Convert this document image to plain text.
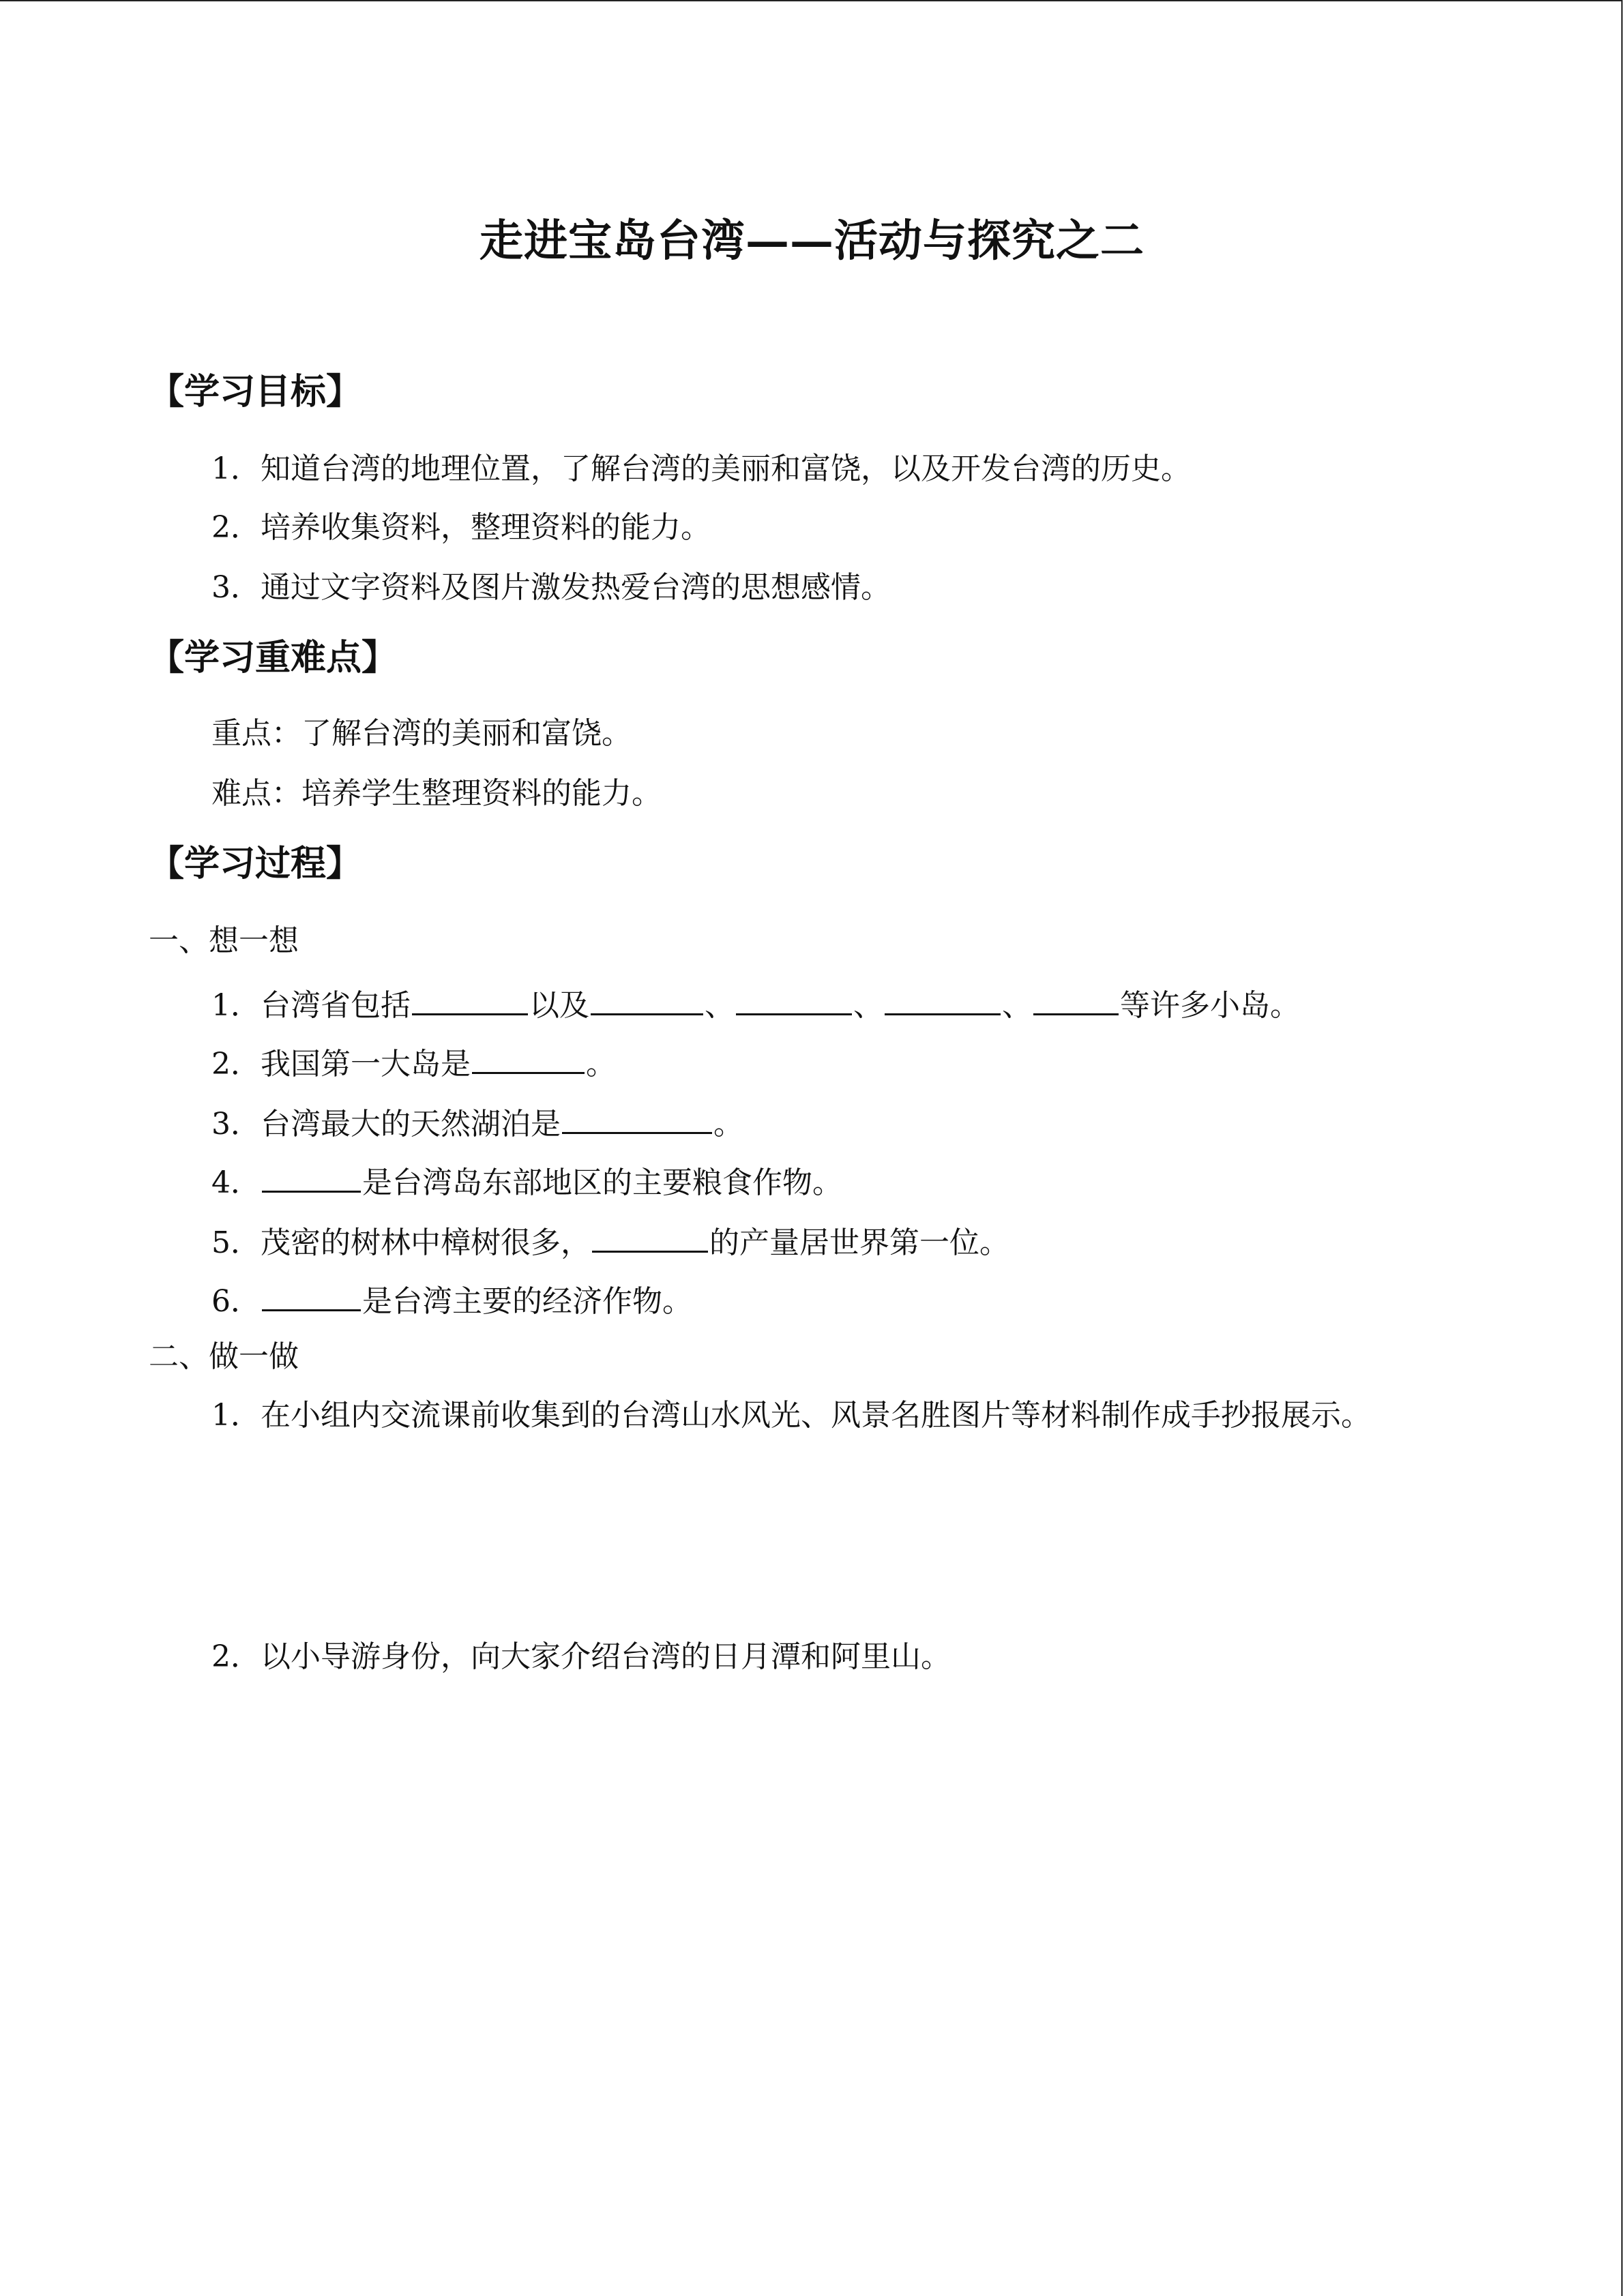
走进宝岛台湾——活动与探究之二
【学习目标】
1．知道台湾的地理位置，了解台湾的美丽和富饶，以及开发台湾的历史。
2．培养收集资料，整理资料的能力。
3．通过文字资料及图片激发热爱台湾的思想感情。
【学习重难点】
重点：了解台湾的美丽和富饶。
难点：培养学生整理资料的能力。
【学习过程】
一、想一想
1．台湾省包括	以及	、	、	、	等许多小岛。
2．我国第一大岛是	。
3．台湾最大的天然湖泊是	。
4．	是台湾岛东部地区的主要粮食作物。
5．茂密的树林中樟树很多，	的产量居世界第一位。
6．	是台湾主要的经济作物。
二、做一做
1．在小组内交流课前收集到的台湾山水风光、风景名胜图片等材料制作成手抄报展示。
2．以小导游身份，向大家介绍台湾的日月潭和阿里山。
